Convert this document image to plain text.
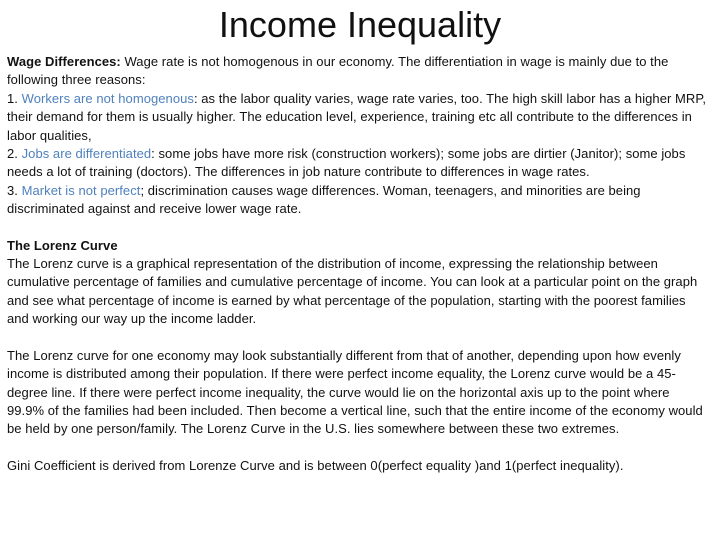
Income Inequality

Wage Differences: Wage rate is not homogenous in our economy. The differentiation in wage is mainly due to the following three reasons:

1. Workers are not homogenous: as the labor quality varies, wage rate varies, too. The high skill labor has a higher MRP, their demand for them is usually higher. The education level, experience, training etc all contribute to the differences in labor qualities,

2. Jobs are differentiated: some jobs have more risk (construction workers); some jobs are dirtier (Janitor); some jobs needs a lot of training (doctors). The differences in job nature contribute to differences in wage rates.

3. Market is not perfect; discrimination causes wage differences. Woman, teenagers, and minorities are being discriminated against and receive lower wage rate.

The Lorenz Curve

The Lorenz curve is a graphical representation of the distribution of income, expressing the relationship between cumulative percentage of families and cumulative percentage of income. You can look at a particular point on the graph and see what percentage of income is earned by what percentage of the population, starting with the poorest families and working our way up the income ladder.

The Lorenz curve for one economy may look substantially different from that of another, depending upon how evenly income is distributed among their population. If there were perfect income equality, the Lorenz curve would be a 45- degree line. If there were perfect income inequality, the curve would lie on the horizontal axis up to the point where 99.9% of the families had been included. Then become a vertical line, such that the entire income of the economy would be held by one person/family. The Lorenz Curve in the U.S. lies somewhere between these two extremes.

Gini Coefficient is derived from Lorenze Curve and is between 0(perfect equality )and 1(perfect inequality).
